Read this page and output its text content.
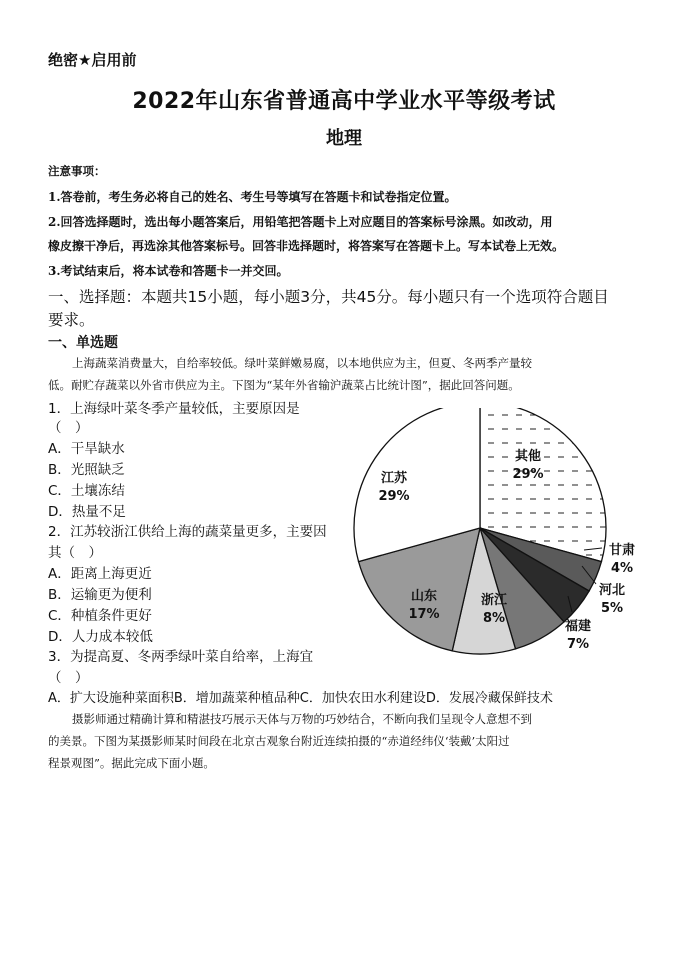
绝密★启用前
2022年山东省普通高中学业水平等级考试
地理
注意事项：
1.答卷前，考生务必将自己的姓名、考生号等填写在答题卡和试卷指定位置。
2.回答选择题时，选出每小题答案后，用铅笔把答题卡上对应题目的答案标号涂黑。如改动，用
橡皮擦干净后，再选涂其他答案标号。回答非选择题时，将答案写在答题卡上。写本试卷上无效。
3.考试结束后，将本试卷和答题卡一并交回。
一、选择题：本题共15小题，每小题3分，共45分。每小题只有一个选项符合题目
要求。
一、单选题
上海蔬菜消费量大，自给率较低。绿叶菜鲜嫩易腐，以本地供应为主，但夏、冬两季产量较
低。耐贮存蔬菜以外省市供应为主。下图为“某年外省输沪蔬菜占比统计图”，据此回答问题。
1．上海绿叶菜冬季产量较低，主要原因是
（　）
A．干旱缺水
B．光照缺乏
C．土壤冻结
D．热量不足
2．江苏较浙江供给上海的蔬菜量更多，主要因
其（　）
A．距离上海更近
B．运输更为便利
C．种植条件更好
D．人力成本较低
3．为提高夏、冬两季绿叶菜自给率，上海宜
（　）
A．扩大设施种菜面积B．增加蔬菜种植品种C．加快农田水利建设D．发展冷藏保鲜技术
摄影师通过精确计算和精湛技巧展示天体与万物的巧妙结合，不断向我们呈现令人意想不到
的美景。下图为某摄影师某时间段在北京古观象台附近连续拍摄的“赤道经纬仪‘装戴’太阳过
程景观图”。据此完成下面小题。
其他
29%
甘肃
4%
河北
5%
福建
7%
浙江
8%
山东
17%
江苏
29%
